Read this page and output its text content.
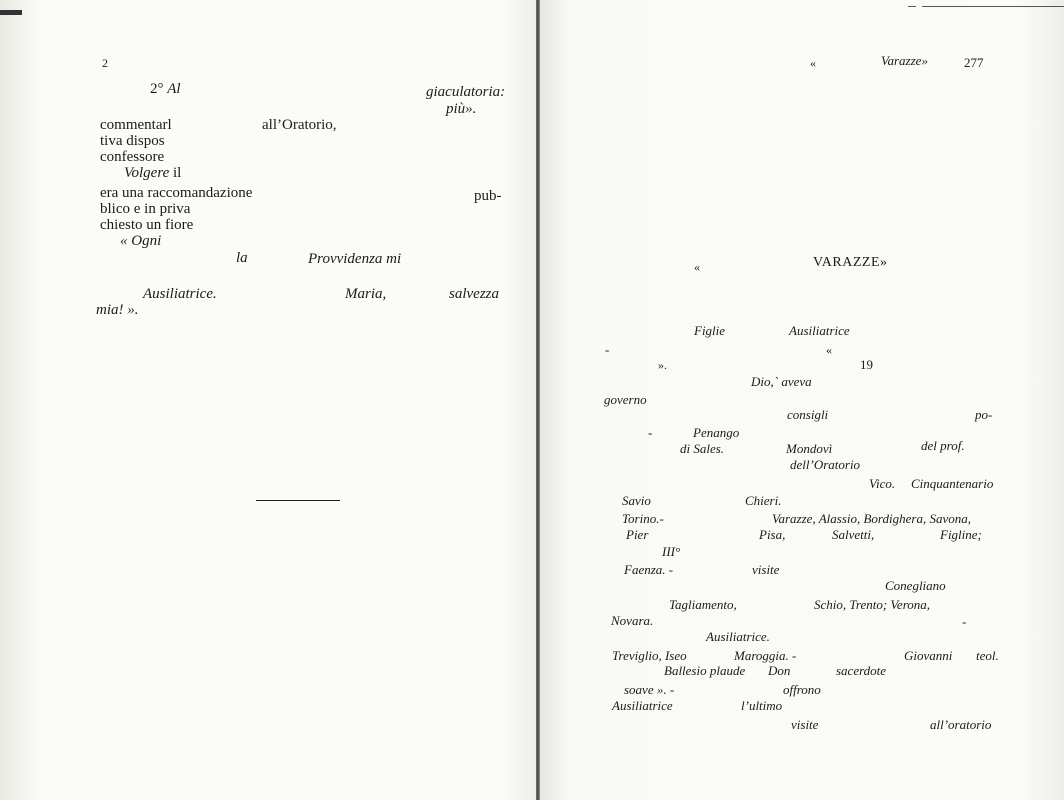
2
2° Al	giaculatoria:
più».
commentarl	all’Oratorio,
tiva dispos
confessore
Volgere il
era una raccomandazione	pub-
blico e in priva
chiesto un fiore
« Ogni
la	Provvidenza mi
Ausiliatrice.	Maria,	salvezza
mia! ».
«	Varazze»	277
«	VARAZZE»
Figlie	Ausiliatrice
-	«
».	19
Dio,` aveva
governo
consigli	po-
-	Penango
di Sales.	Mondovì	del prof.
dell’Oratorio
Vico. Cinquantenario
Savio	Chieri.
Torino.-	Varazze, Alassio, Bordighera, Savona,
Pier	Pisa,	Salvetti,	Figline;
III°
Faenza. -	visite
Conegliano
Tagliamento,	Schio, Trento; Verona,
Novara.	-
Ausiliatrice.
Treviglio, Iseo	Maroggia. -	Giovanni teol.
Ballesio plaude Don	sacerdote
soave ». -	offrono
Ausiliatrice	l’ultimo
visite	all’oratorio
